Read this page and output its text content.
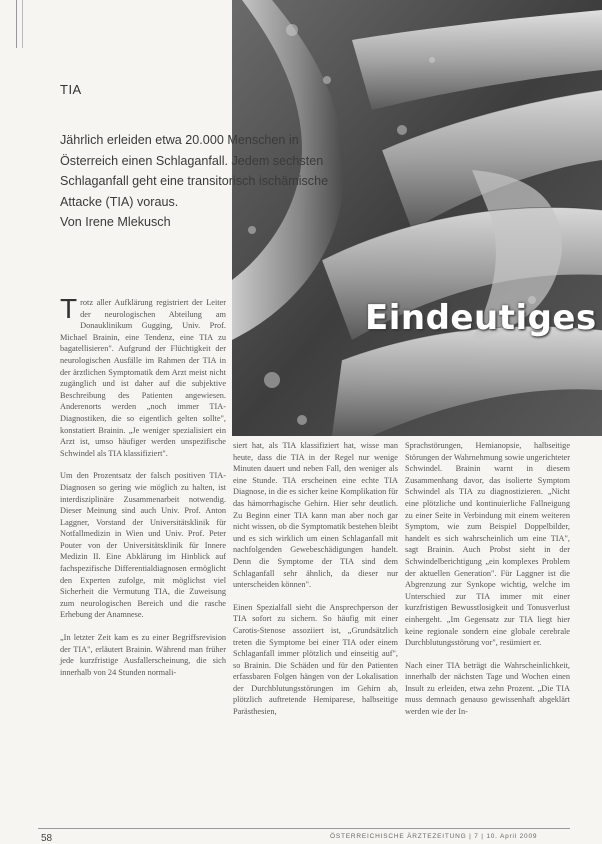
TIA
Jährlich erleiden etwa 20.000 Menschen in Österreich einen Schlaganfall. Jedem sechsten Schlaganfall geht eine transitorisch ischämische Attacke (TIA) voraus.
Von Irene Mlekusch
Eindeutiges

T rotz aller Aufklärung registriert der Leiter der neurologischen Abteilung am Donauklinikum Gugging, Univ. Prof. Michael Brainin, eine Tendenz, eine TIA zu bagatellisieren". Aufgrund der Flüchtigkeit der neurologischen Ausfälle im Rahmen der TIA in der ärztlichen Symptomatik dem Arzt meist nicht zugänglich und ist daher auf die subjektive Beschreibung des Patienten angewiesen. Anderenorts werden „noch immer TIA-Diagnostiken, die so eigentlich gelten sollte", konstatiert Brainin. „Je weniger spezialisiert ein Arzt ist, umso häufiger werden unspezifische Schwindel als TIA klassifiziert".

Um den Prozentsatz der falsch positiven TIA-Diagnosen so gering wie möglich zu halten, ist interdisziplinäre Zusammenarbeit notwendig. Dieser Meinung sind auch Univ. Prof. Anton Laggner, Vorstand der Universitätsklinik für Notfallmedizin in Wien und Univ. Prof. Peter Pouter von der Universitätsklinik für Innere Medizin II. Eine Abklärung im Hinblick auf fachspezifische Differentialdiagnosen ermöglicht den Experten zufolge, mit möglichst viel Sicherheit die Vermutung TIA, die Zuweisung zum neurologischen Bereich und die rasche Erhebung der Anamnese.

„In letzter Zeit kam es zu einer Begriffsrevision der TIA", erläutert Brainin. Während man früher jede kurzfristige Ausfallerscheinung, die sich innerhalb von 24 Stunden normali-

siert hat, als TIA klassifiziert hat, wisse man heute, dass die TIA in der Regel nur wenige Minuten dauert und neben Fall, den weniger als eine Stunde. TIA erscheinen eine echte TIA Diagnose, in die es sicher keine Komplikation für das hämorrhagische Gehirn. Hier sehr deutlich. Zu Beginn einer TIA kann man aber noch gar nicht wissen, ob die Symptomatik bestehen bleibt und es sich wirklich um einen Schlaganfall mit nachfolgenden Gewebeschädigungen handelt. Denn die Symptome der TIA sind dem Schlaganfall sehr ähnlich, da dieser nur unterscheiden können".

Einen Spezialfall sieht die Ansprechperson der TIA sofort zu sichern. So häufig mit einer Carotis-Stenose assoziiert ist, „Grundsätzlich treten die Symptome bei einer TIA oder einem Schlaganfall immer plötzlich und einseitig auf", so Brainin. Die Schäden und für den Patienten erfassbaren Folgen hängen von der Lokalisation der Durchblutungsstörungen im Gehirn ab, plötzlich auftretende Hemiparese, halbseitige Parästhesien,

Sprachstörungen, Hemianopsie, halbseitige Störungen der Wahrnehmung sowie ungerichteter Schwindel. Brainin warnt in diesem Zusammenhang davor, das isolierte Symptom Schwindel als TIA zu diagnostizieren. „Nicht eine plötzliche und kontinuierliche Fallneigung zu einer Seite in Verbindung mit einem weiteren Symptom, wie zum Beispiel Doppelbilder, handelt es sich wahrscheinlich um eine TIA", sagt Brainin. Auch Probst sieht in der Schwindelberichtigung „ein komplexes Problem der aktuellen Generation". Für Laggner ist die Abgrenzung zur Synkope wichtig, welche im Unterschied zur TIA immer mit einer kurzfristigen Bewusstlosigkeit und Tonusverlust einhergeht. „Im Gegensatz zur TIA liegt hier keine regionale sondern eine globale cerebrale Durchblutungsstörung vor", resümiert er.

Nach einer TIA beträgt die Wahrscheinlichkeit, innerhalb der nächsten Tage und Wochen einen Insult zu erleiden, etwa zehn Prozent. „Die TIA muss demnach genauso gewissenhaft abgeklärt werden wie der In-

58	ÖSTERREICHISCHE ÄRZTEZEITUNG | 7 | 10. April 2009
